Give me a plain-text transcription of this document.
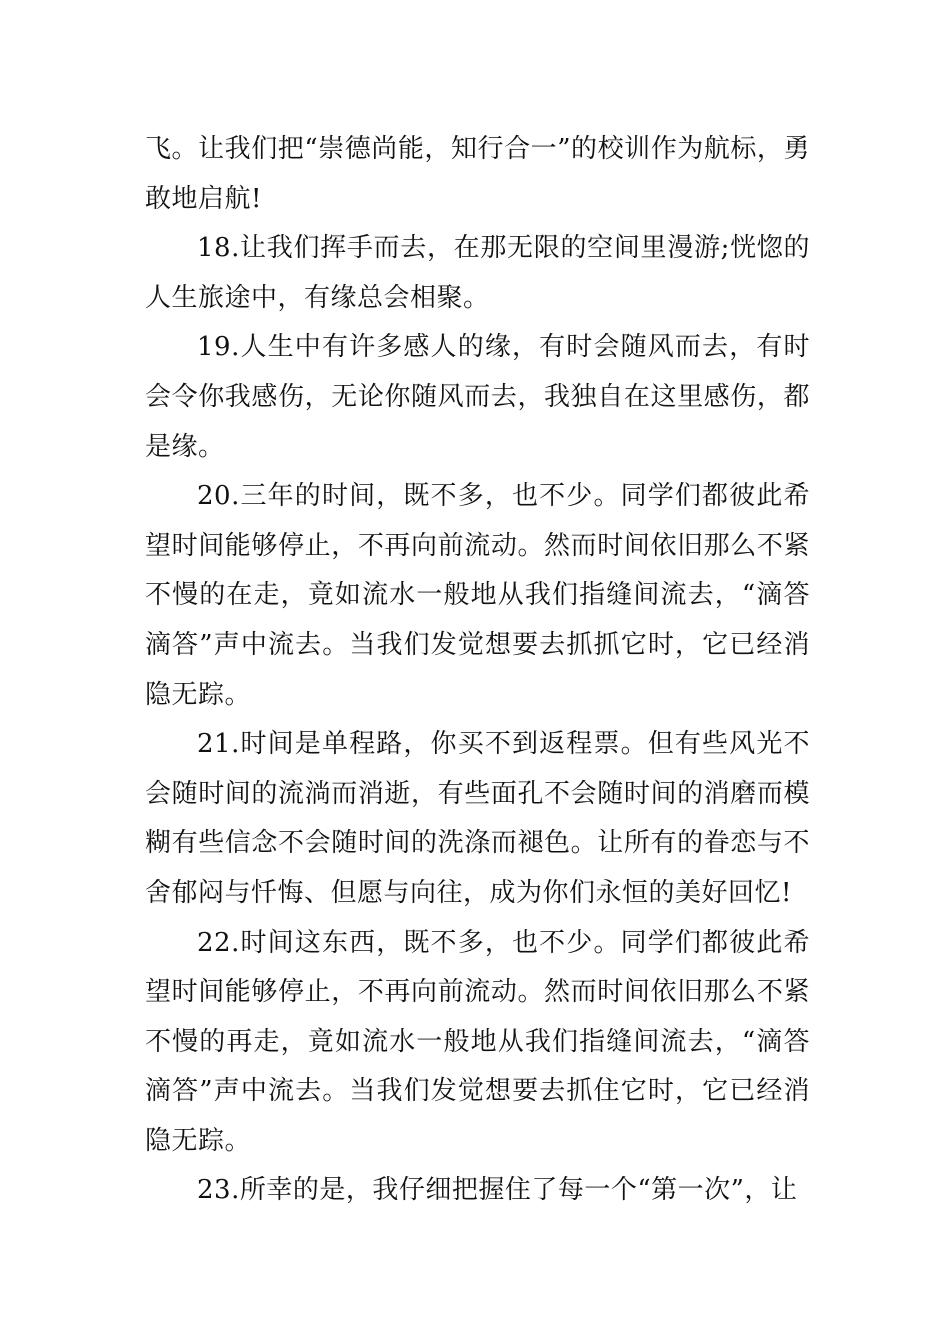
飞。让我们把“崇德尚能，知行合一”的校训作为航标，勇敢地启航!

18.让我们挥手而去，在那无限的空间里漫游;恍惚的人生旅途中，有缘总会相聚。

19.人生中有许多感人的缘，有时会随风而去，有时会令你我感伤，无论你随风而去，我独自在这里感伤，都是缘。

20.三年的时间，既不多，也不少。同学们都彼此希望时间能够停止，不再向前流动。然而时间依旧那么不紧不慢的在走，竟如流水一般地从我们指缝间流去，“滴答滴答”声中流去。当我们发觉想要去抓抓它时，它已经消隐无踪。

21.时间是单程路，你买不到返程票。但有些风光不会随时间的流淌而消逝，有些面孔不会随时间的消磨而模糊有些信念不会随时间的洗涤而褪色。让所有的眷恋与不舍郁闷与忏悔、但愿与向往，成为你们永恒的美好回忆!

22.时间这东西，既不多，也不少。同学们都彼此希望时间能够停止，不再向前流动。然而时间依旧那么不紧不慢的再走，竟如流水一般地从我们指缝间流去，“滴答滴答”声中流去。当我们发觉想要去抓住它时，它已经消隐无踪。

23.所幸的是，我仔细把握住了每一个“第一次”，让
